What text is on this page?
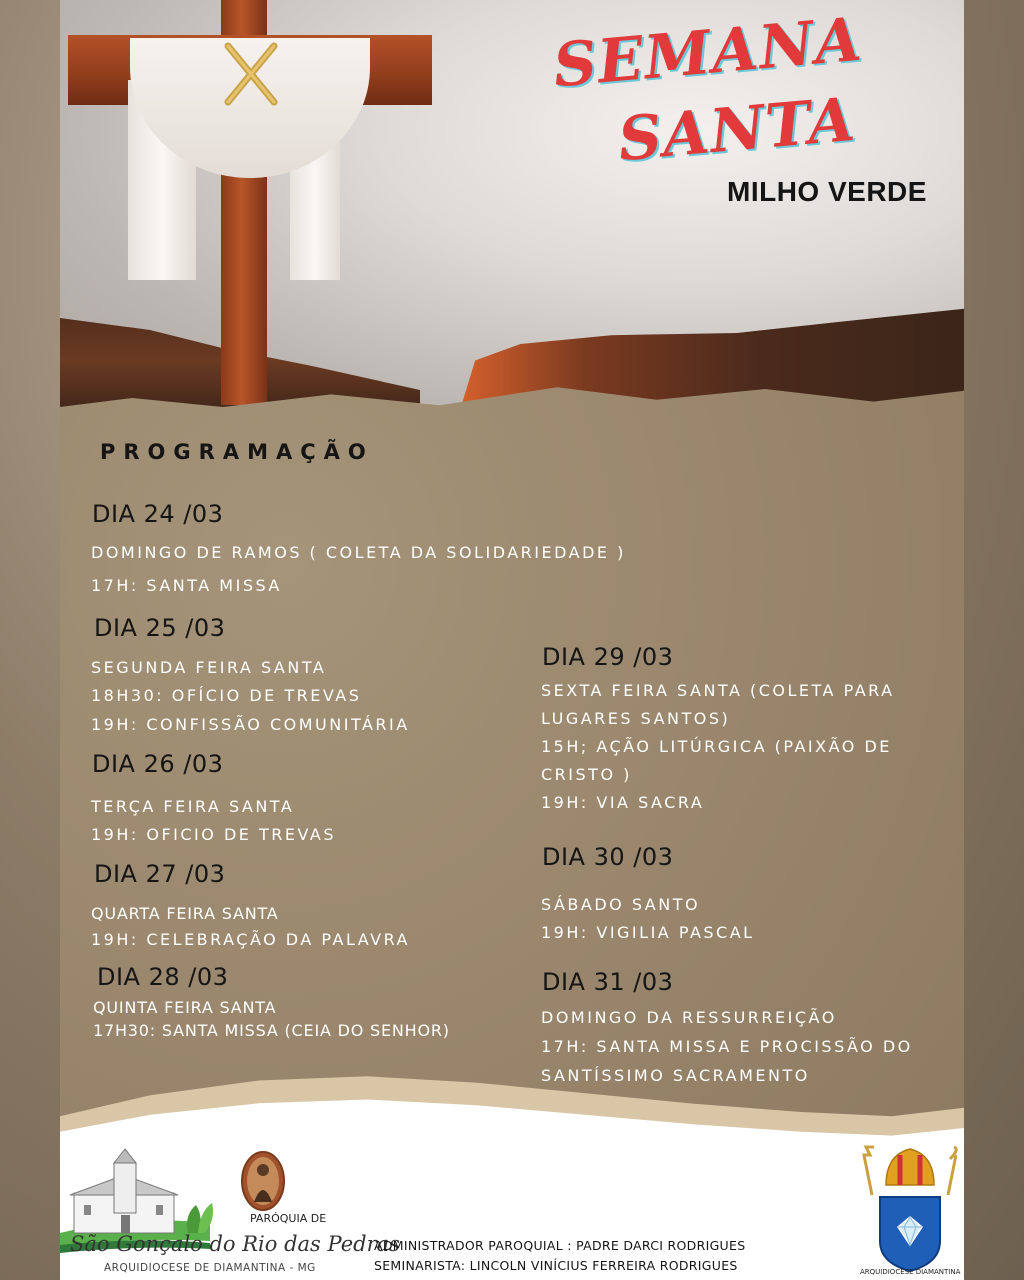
SEMANA
SANTA
MILHO VERDE
PROGRAMAÇÃO

DIA 24 /03

DOMINGO DE RAMOS ( COLETA DA SOLIDARIEDADE )

17H: SANTA MISSA

DIA 25 /03

SEGUNDA FEIRA SANTA

18H30: OFÍCIO DE TREVAS

19H: CONFISSÃO COMUNITÁRIA

DIA 26 /03

TERÇA FEIRA SANTA

19H: OFICIO DE TREVAS

DIA 27 /03

QUARTA FEIRA SANTA

19H: CELEBRAÇÃO DA PALAVRA

DIA 28 /03

QUINTA FEIRA SANTA

17H30: SANTA MISSA (CEIA DO SENHOR)

DIA 29 /03

SEXTA FEIRA SANTA (COLETA PARA

LUGARES SANTOS)

15H; AÇÃO LITÚRGICA (PAIXÃO DE

CRISTO )

19H: VIA SACRA

DIA 30 /03

SÁBADO SANTO

19H: VIGILIA PASCAL

DIA 31 /03

DOMINGO DA RESSURREIÇÃO

17H: SANTA MISSA E PROCISSÃO DO

SANTÍSSIMO SACRAMENTO

PARÓQUIA DE

São Gonçalo do Rio das Pedras

ARQUIDIOCESE DE DIAMANTINA - MG

ADMINISTRADOR PAROQUIAL : PADRE DARCI RODRIGUES

SEMINARISTA: LINCOLN VINÍCIUS FERREIRA RODRIGUES	ARQUIDIOCESE DIAMANTINA
